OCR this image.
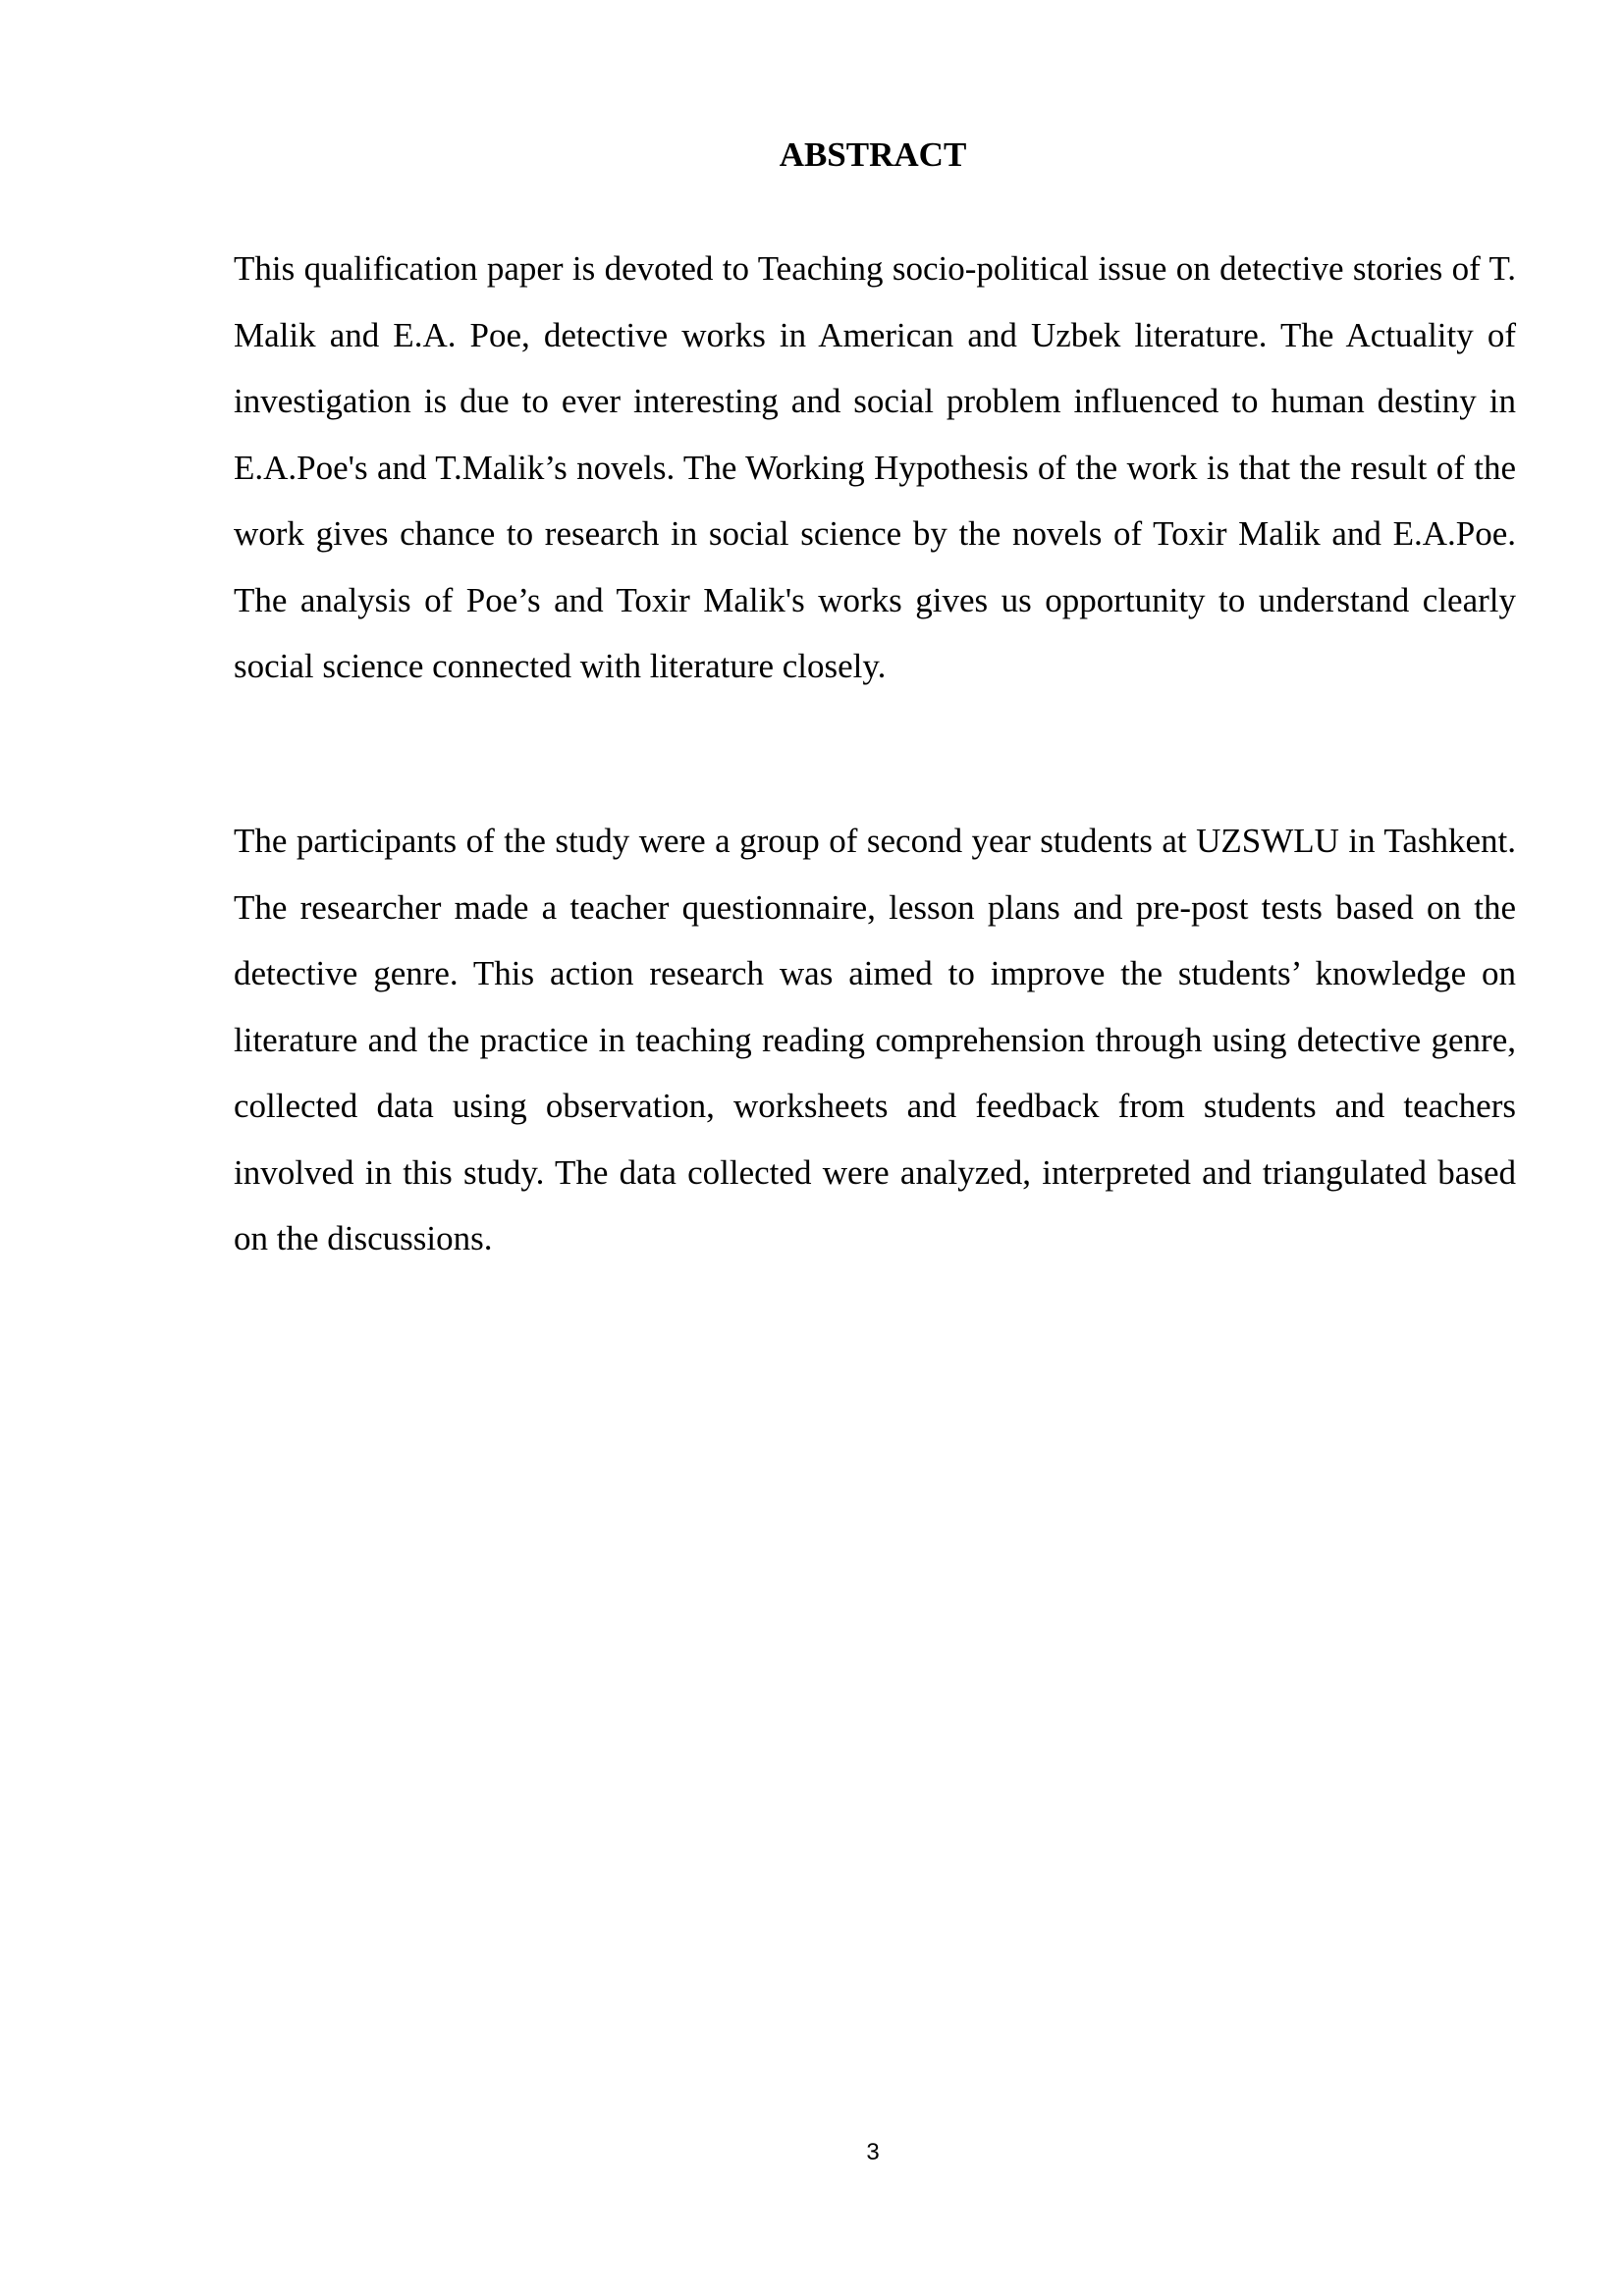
ABSTRACT

This qualification paper is devoted to Teaching socio-political issue on detective stories of T. Malik and E.A. Poe, detective works in American and Uzbek literature. The Actuality of investigation is due to ever interesting and social problem influenced to human destiny in E.A.Poe's and T.Malik’s novels. The Working Hypothesis of the work is that the result of the work gives chance to research in social science by the novels of Toxir Malik and E.A.Poe. The analysis of Poe’s and Toxir Malik's works gives us opportunity to understand clearly social science connected with literature closely.

The participants of the study were a group of second year students at UZSWLU in Tashkent. The researcher made a teacher questionnaire, lesson plans and pre-post tests based on the detective genre. This action research was aimed to improve the students’ knowledge on literature and the practice in teaching reading comprehension through using detective genre, collected data using observation, worksheets and feedback from students and teachers involved in this study. The data collected were analyzed, interpreted and triangulated based on the discussions.

3
